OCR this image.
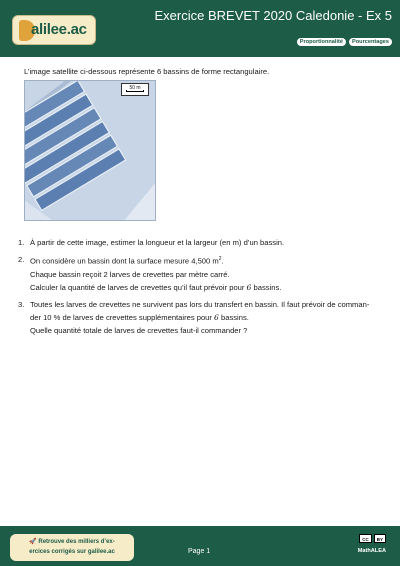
alilee.ac
Exercice BREVET 2020 Caledonie - Ex 5
Proportionnalité	Pourcentages
L’image satellite ci-dessous représente 6 bassins de forme rectangulaire.
50 m
1. À partir de cette image, estimer la longueur et la largeur (en m) d’un bassin.

2. On considère un bassin dont la surface mesure 4,500 $m^2$.

Chaque bassin reçoit 2 larves de crevettes par mètre carré.

Calculer la quantité de larves de crevettes qu’il faut prévoir pour 6 bassins.

3. Toutes les larves de crevettes ne survivent pas lors du transfert en bassin. Il faut prévoir de comman-

der 10 % de larves de crevettes supplémentaires pour 6 bassins.

Quelle quantité totale de larves de crevettes faut-il commander ?

🚀 Retrouve des milliers d’ex-
ercices corrigés sur galilee.ac	Page 1
CC	BY
MathALEA
